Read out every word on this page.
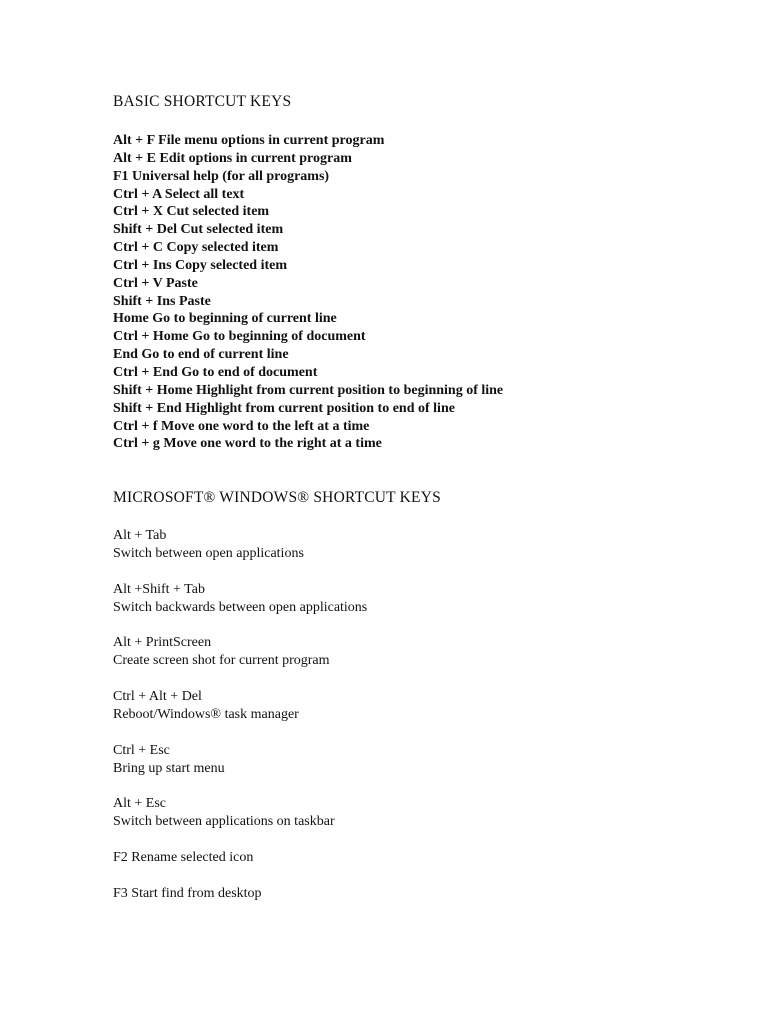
BASIC SHORTCUT KEYS
Alt + F File menu options in current program
Alt + E Edit options in current program
F1 Universal help (for all programs)
Ctrl + A Select all text
Ctrl + X Cut selected item
Shift + Del Cut selected item
Ctrl + C Copy selected item
Ctrl + Ins Copy selected item
Ctrl + V Paste
Shift + Ins Paste
Home Go to beginning of current line
Ctrl + Home Go to beginning of document
End Go to end of current line
Ctrl + End Go to end of document
Shift + Home Highlight from current position to beginning of line
Shift + End Highlight from current position to end of line
Ctrl + f Move one word to the left at a time
Ctrl + g Move one word to the right at a time
MICROSOFT® WINDOWS® SHORTCUT KEYS
Alt + Tab
Switch between open applications
Alt +Shift + Tab
Switch backwards between open applications
Alt + PrintScreen
Create screen shot for current program
Ctrl + Alt + Del
Reboot/Windows® task manager
Ctrl + Esc
Bring up start menu
Alt + Esc
Switch between applications on taskbar
F2 Rename selected icon
F3 Start find from desktop
